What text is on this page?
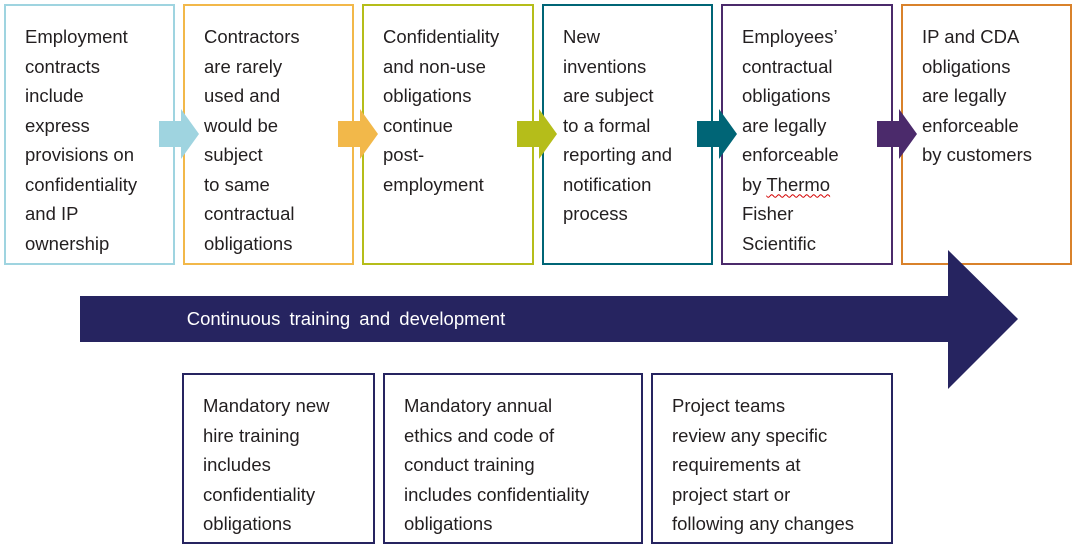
Employment
contracts
include
express
provisions on
confidentiality
and IP
ownership
Contractors
are rarely
used and
would be
subject
to same
contractual
obligations
Confidentiality
and non-use
obligations
continue
post-
employment
New
inventions
are subject
to a formal
reporting and
notification
process
Employees’
contractual
obligations
are legally
enforceable
by Thermo
Fisher
Scientific
IP and CDA
obligations
are legally
enforceable
by customers
Continuous training and development
Mandatory new
hire training
includes
confidentiality
obligations
Mandatory annual
ethics and code of
conduct training
includes confidentiality
obligations
Project teams
review any specific
requirements at
project start or
following any changes
